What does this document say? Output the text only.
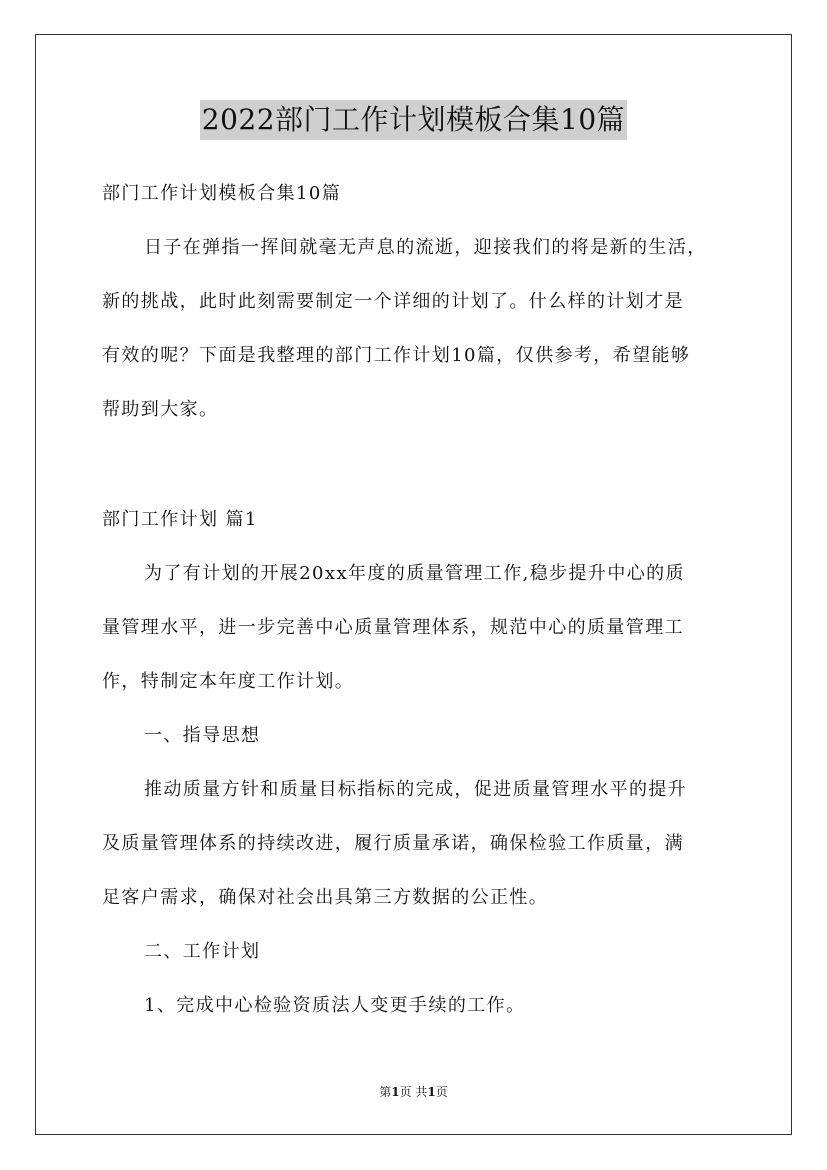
2022部门工作计划模板合集10篇
部门工作计划模板合集10篇
日子在弹指一挥间就毫无声息的流逝，迎接我们的将是新的生活，
新的挑战，此时此刻需要制定一个详细的计划了。什么样的计划才是
有效的呢？下面是我整理的部门工作计划10篇，仅供参考，希望能够
帮助到大家。
部门工作计划 篇1
为了有计划的开展20xx年度的质量管理工作,稳步提升中心的质
量管理水平，进一步完善中心质量管理体系，规范中心的质量管理工
作，特制定本年度工作计划。
一、指导思想
推动质量方针和质量目标指标的完成，促进质量管理水平的提升
及质量管理体系的持续改进，履行质量承诺，确保检验工作质量，满
足客户需求，确保对社会出具第三方数据的公正性。
二、工作计划
1、完成中心检验资质法人变更手续的工作。
第1页 共1页
